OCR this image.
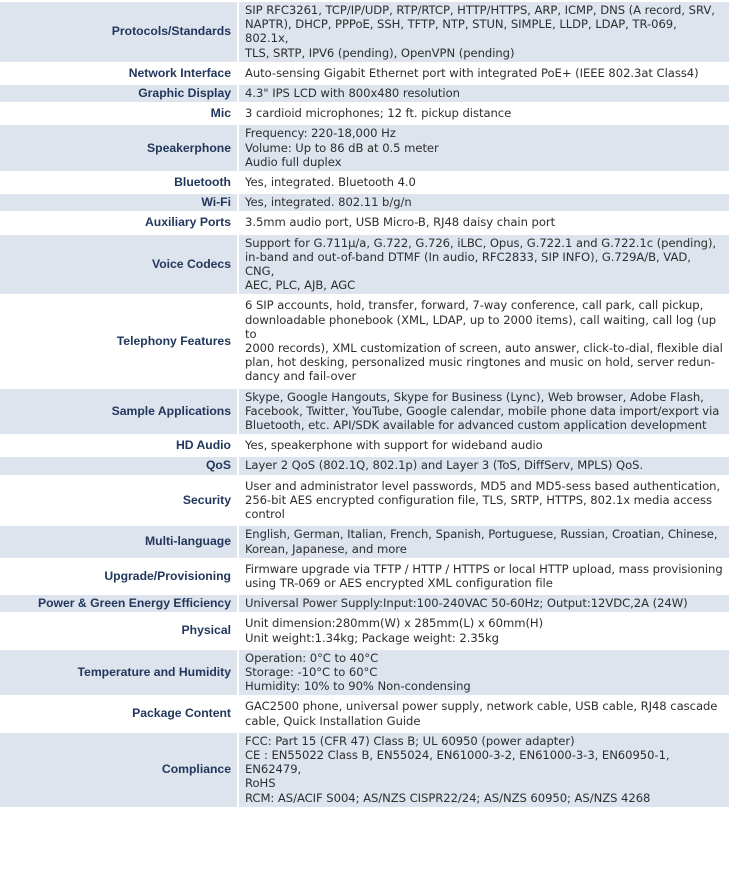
Protocols/Standards	SIP RFC3261, TCP/IP/UDP, RTP/RTCP, HTTP/HTTPS, ARP, ICMP, DNS (A record, SRV,
NAPTR), DHCP, PPPoE, SSH, TFTP, NTP, STUN, SIMPLE, LLDP, LDAP, TR-069, 802.1x,
TLS, SRTP, IPV6 (pending), OpenVPN (pending)

Network Interface	Auto-sensing Gigabit Ethernet port with integrated PoE+ (IEEE 802.3at Class4)

Graphic Display	4.3" IPS LCD with 800x480 resolution

Mic	3 cardioid microphones; 12 ft. pickup distance

Speakerphone	Frequency: 220-18,000 Hz
Volume: Up to 86 dB at 0.5 meter
Audio full duplex

Bluetooth	Yes, integrated. Bluetooth 4.0

Wi-Fi	Yes, integrated. 802.11 b/g/n

Auxiliary Ports	3.5mm audio port, USB Micro-B, RJ48 daisy chain port

Voice Codecs	Support for G.711μ/a, G.722, G.726, iLBC, Opus, G.722.1 and G.722.1c (pending),
in-band and out-of-band DTMF (In audio, RFC2833, SIP INFO), G.729A/B, VAD, CNG,
AEC, PLC, AJB, AGC

Telephony Features	6 SIP accounts, hold, transfer, forward, 7-way conference, call park, call pickup,
downloadable phonebook (XML, LDAP, up to 2000 items), call waiting, call log (up to
2000 records), XML customization of screen, auto answer, click-to-dial, flexible dial
plan, hot desking, personalized music ringtones and music on hold, server redun-
dancy and fail-over

Sample Applications	Skype, Google Hangouts, Skype for Business (Lync), Web browser, Adobe Flash,
Facebook, Twitter, YouTube, Google calendar, mobile phone data import/export via
Bluetooth, etc. API/SDK available for advanced custom application development

HD Audio	Yes, speakerphone with support for wideband audio

QoS	Layer 2 QoS (802.1Q, 802.1p) and Layer 3 (ToS, DiffServ, MPLS) QoS.

Security	User and administrator level passwords, MD5 and MD5-sess based authentication,
256-bit AES encrypted configuration file, TLS, SRTP, HTTPS, 802.1x media access
control

Multi-language	English, German, Italian, French, Spanish, Portuguese, Russian, Croatian, Chinese,
Korean, Japanese, and more

Upgrade/Provisioning	Firmware upgrade via TFTP / HTTP / HTTPS or local HTTP upload, mass provisioning
using TR-069 or AES encrypted XML configuration file

Power & Green Energy Efficiency	Universal Power Supply:Input:100-240VAC 50-60Hz; Output:12VDC,2A (24W)

Physical	Unit dimension:280mm(W) x 285mm(L) x 60mm(H)
Unit weight:1.34kg; Package weight: 2.35kg

Temperature and Humidity	Operation: 0°C to 40°C
Storage: -10°C to 60°C
Humidity: 10% to 90% Non-condensing

Package Content	GAC2500 phone, universal power supply, network cable, USB cable, RJ48 cascade
cable, Quick Installation Guide

Compliance	FCC: Part 15 (CFR 47) Class B; UL 60950 (power adapter)
CE : EN55022 Class B, EN55024, EN61000-3-2, EN61000-3-3, EN60950-1, EN62479,
RoHS
RCM: AS/ACIF S004; AS/NZS CISPR22/24; AS/NZS 60950; AS/NZS 4268
